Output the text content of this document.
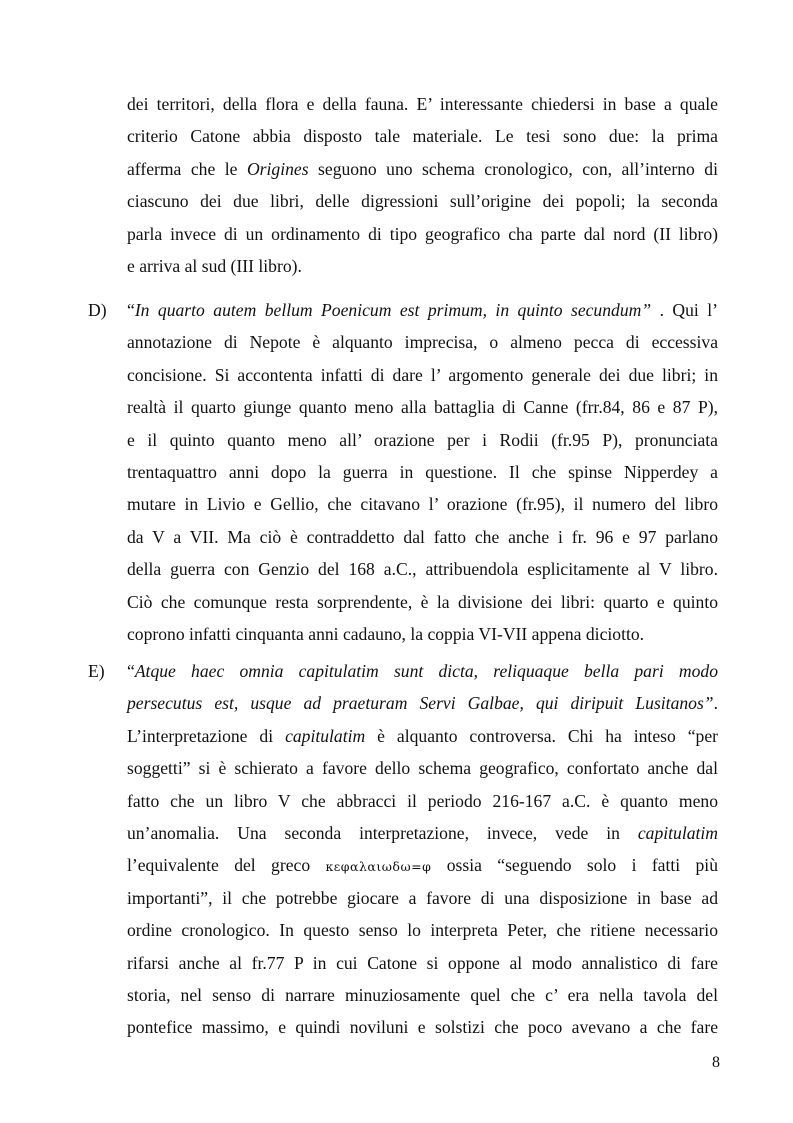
dei territori, della flora e della fauna. E’ interessante chiedersi in base a quale
criterio Catone abbia disposto tale materiale. Le tesi sono due: la prima
afferma che le Origines seguono uno schema cronologico, con, all’interno di
ciascuno dei due libri, delle digressioni sull’origine dei popoli; la seconda
parla invece di un ordinamento di tipo geografico cha parte dal nord (II libro)
e arriva al sud (III libro).
D) “In quarto autem bellum Poenicum est primum, in quinto secundum” . Qui l’
annotazione di Nepote è alquanto imprecisa, o almeno pecca di eccessiva
concisione. Si accontenta infatti di dare l’ argomento generale dei due libri; in
realtà il quarto giunge quanto meno alla battaglia di Canne (frr.84, 86 e 87 P),
e il quinto quanto meno all’ orazione per i Rodii (fr.95 P), pronunciata
trentaquattro anni dopo la guerra in questione. Il che spinse Nipperdey a
mutare in Livio e Gellio, che citavano l’ orazione (fr.95), il numero del libro
da V a VII. Ma ciò è contraddetto dal fatto che anche i fr. 96 e 97 parlano
della guerra con Genzio del 168 a.C., attribuendola esplicitamente al V libro.
Ciò che comunque resta sorprendente, è la divisione dei libri: quarto e quinto
coprono infatti cinquanta anni cadauno, la coppia VI-VII appena diciotto.
E) “Atque haec omnia capitulatim sunt dicta, reliquaque bella pari modo
persecutus est, usque ad praeturam Servi Galbae, qui diripuit Lusitanos”.
L’interpretazione di capitulatim è alquanto controversa. Chi ha inteso “per
soggetti” si è schierato a favore dello schema geografico, confortato anche dal
fatto che un libro V che abbracci il periodo 216-167 a.C. è quanto meno
un’anomalia. Una seconda interpretazione, invece, vede in capitulatim
l’equivalente del greco κεφαλαιωδω=φ ossia “seguendo solo i fatti più
importanti”, il che potrebbe giocare a favore di una disposizione in base ad
ordine cronologico. In questo senso lo interpreta Peter, che ritiene necessario
rifarsi anche al fr.77 P in cui Catone si oppone al modo annalistico di fare
storia, nel senso di narrare minuziosamente quel che c’ era nella tavola del
pontefice massimo, e quindi noviluni e solstizi che poco avevano a che fare
8
